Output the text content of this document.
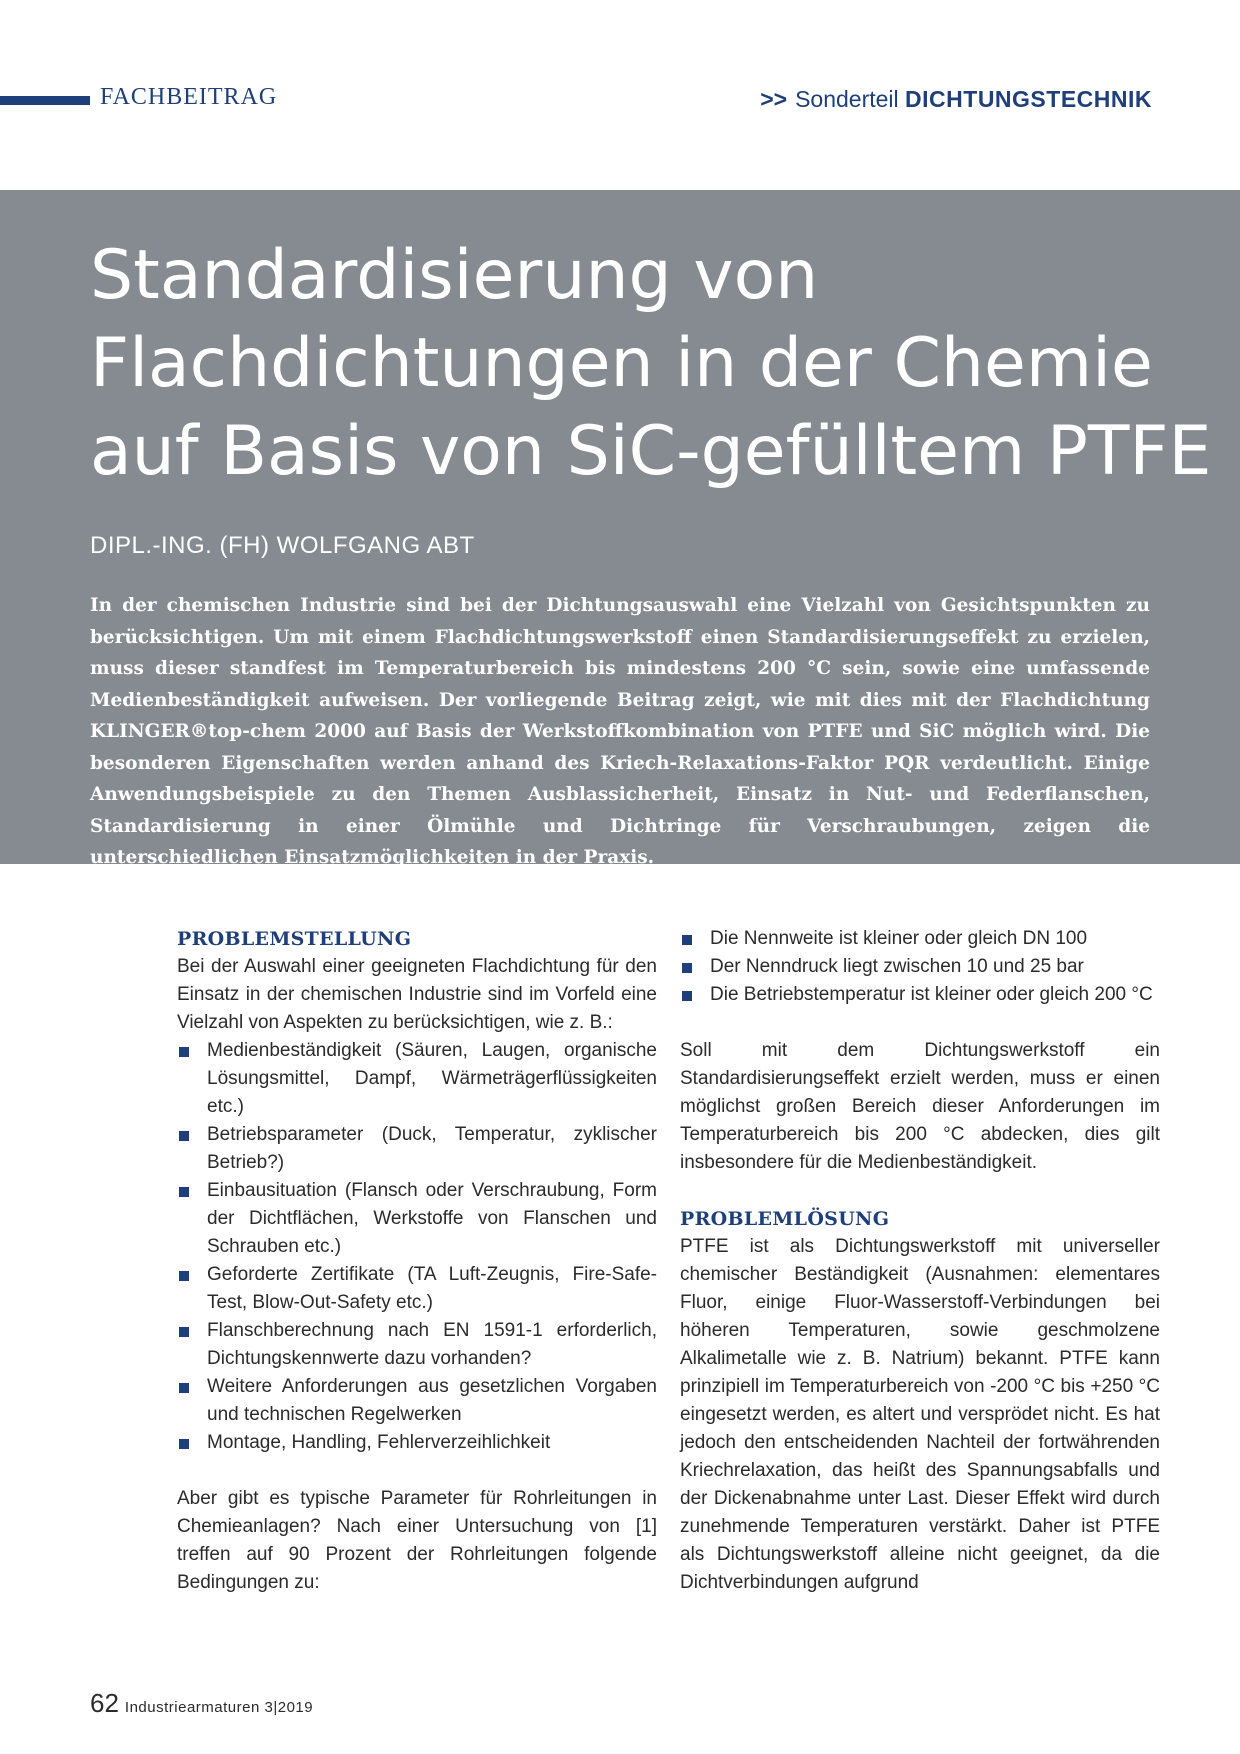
FACHBEITRAG	>> Sonderteil DICHTUNGSTECHNIK
Standardisierung von
Flachdichtungen in der Chemie
auf Basis von SiC-gefülltem PTFE
DIPL.-ING. (FH) WOLFGANG ABT

In der chemischen Industrie sind bei der Dichtungsauswahl eine Vielzahl von Gesichtspunkten zu berücksichtigen. Um mit einem Flachdichtungswerkstoff einen Standardisierungseffekt zu erzielen, muss dieser standfest im Temperaturbereich bis mindestens 200 °C sein, sowie eine umfassende Medienbeständigkeit aufweisen. Der vorliegende Beitrag zeigt, wie mit dies mit der Flachdichtung KLINGER®top-chem 2000 auf Basis der Werkstoffkombination von PTFE und SiC möglich wird. Die besonderen Eigenschaften werden anhand des Kriech-Relaxations-Faktor PQR verdeutlicht. Einige Anwendungsbeispiele zu den Themen Ausblassicherheit, Einsatz in Nut- und Federflanschen, Standardisierung in einer Ölmühle und Dichtringe für Verschraubungen, zeigen die unterschiedlichen Einsatzmöglichkeiten in der Praxis.

PROBLEMSTELLUNG

Bei der Auswahl einer geeigneten Flachdichtung für den Einsatz in der chemischen Industrie sind im Vorfeld eine Vielzahl von Aspekten zu berücksichtigen, wie z. B.:

Medienbeständigkeit (Säuren, Laugen, organische Lösungsmittel, Dampf, Wärmeträgerflüssigkeiten etc.)
Betriebsparameter (Duck, Temperatur, zyklischer Betrieb?)
Einbausituation (Flansch oder Verschraubung, Form der Dichtflächen, Werkstoffe von Flanschen und Schrauben etc.)
Geforderte Zertifikate (TA Luft-Zeugnis, Fire-Safe-Test, Blow-Out-Safety etc.)
Flanschberechnung nach EN 1591-1 erforderlich, Dichtungskennwerte dazu vorhanden?
Weitere Anforderungen aus gesetzlichen Vorgaben und technischen Regelwerken
Montage, Handling, Fehlerverzeihlichkeit

Aber gibt es typische Parameter für Rohrleitungen in Chemieanlagen? Nach einer Untersuchung von [1] treffen auf 90 Prozent der Rohrleitungen folgende Bedingungen zu:

Die Nennweite ist kleiner oder gleich DN 100
Der Nenndruck liegt zwischen 10 und 25 bar
Die Betriebstemperatur ist kleiner oder gleich 200 °C

Soll mit dem Dichtungswerkstoff ein Standardisierungseffekt erzielt werden, muss er einen möglichst großen Bereich dieser Anforderungen im Temperaturbereich bis 200 °C abdecken, dies gilt insbesondere für die Medienbeständigkeit.

PROBLEMLÖSUNG

PTFE ist als Dichtungswerkstoff mit universeller chemischer Beständigkeit (Ausnahmen: elementares Fluor, einige Fluor-Wasserstoff-Verbindungen bei höheren Temperaturen, sowie geschmolzene Alkalimetalle wie z. B. Natrium) bekannt. PTFE kann prinzipiell im Temperaturbereich von -200 °C bis +250 °C eingesetzt werden, es altert und versprödet nicht. Es hat jedoch den entscheidenden Nachteil der fortwährenden Kriechrelaxation, das heißt des Spannungsabfalls und der Dickenabnahme unter Last. Dieser Effekt wird durch zunehmende Temperaturen verstärkt. Daher ist PTFE als Dichtungswerkstoff alleine nicht geeignet, da die Dichtverbindungen aufgrund

62 Industriearmaturen 3|2019
